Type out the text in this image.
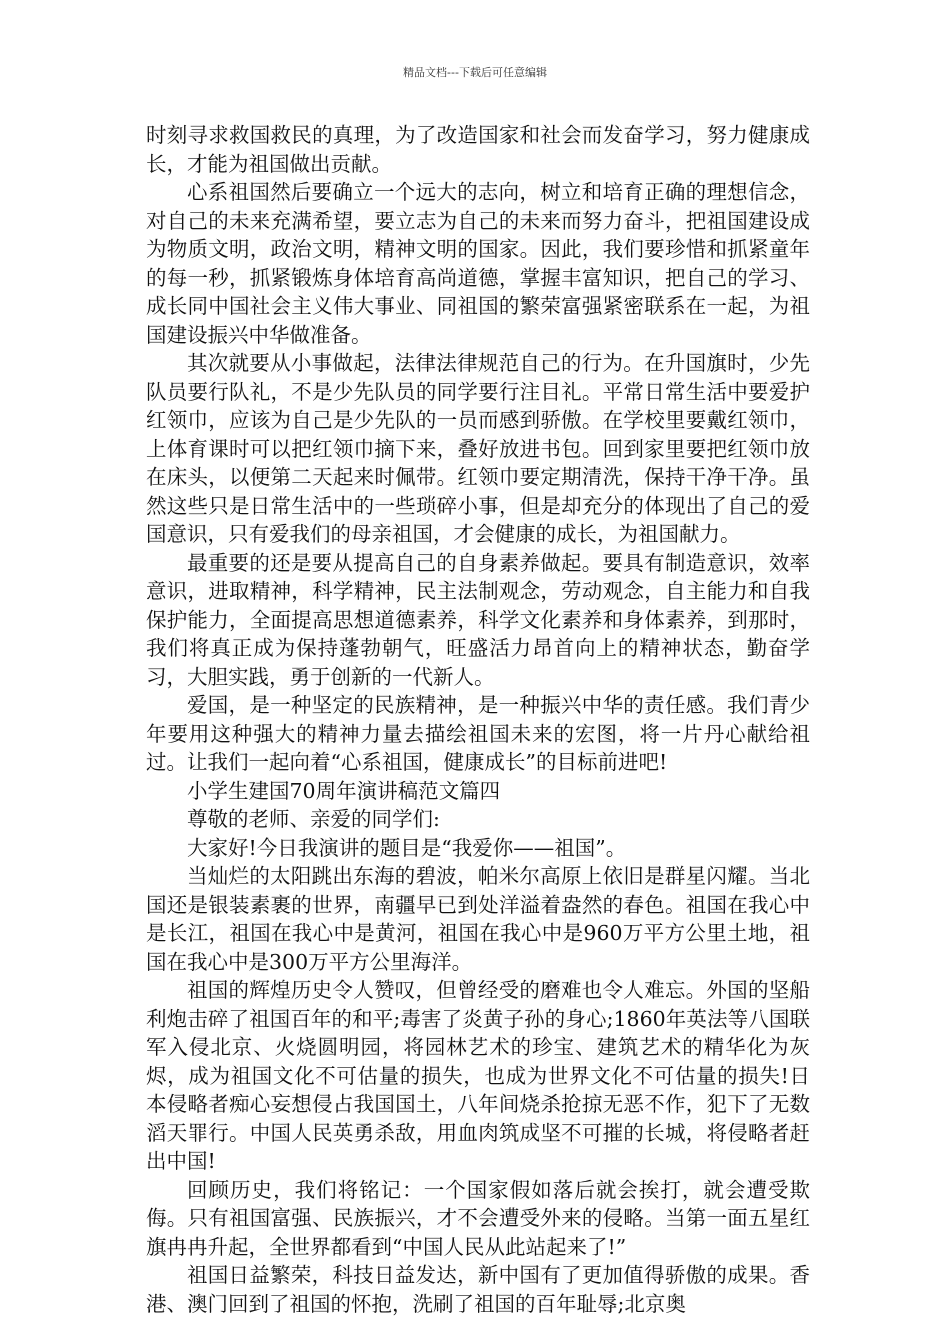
精品文档---下载后可任意编辑

时刻寻求救国救民的真理，为了改造国家和社会而发奋学习，努力健康成长，才能为祖国做出贡献。

心系祖国然后要确立一个远大的志向，树立和培育正确的理想信念，对自己的未来充满希望，要立志为自己的未来而努力奋斗，把祖国建设成为物质文明，政治文明，精神文明的国家。因此，我们要珍惜和抓紧童年的每一秒，抓紧锻炼身体培育高尚道德，掌握丰富知识，把自己的学习、成长同中国社会主义伟大事业、同祖国的繁荣富强紧密联系在一起，为祖国建设振兴中华做准备。

其次就要从小事做起，法律法律规范自己的行为。在升国旗时，少先队员要行队礼，不是少先队员的同学要行注目礼。平常日常生活中要爱护红领巾，应该为自己是少先队的一员而感到骄傲。在学校里要戴红领巾，上体育课时可以把红领巾摘下来，叠好放进书包。回到家里要把红领巾放在床头，以便第二天起来时佩带。红领巾要定期清洗，保持干净干净。虽然这些只是日常生活中的一些琐碎小事，但是却充分的体现出了自己的爱国意识，只有爱我们的母亲祖国，才会健康的成长，为祖国献力。

最重要的还是要从提高自己的自身素养做起。要具有制造意识，效率意识，进取精神，科学精神，民主法制观念，劳动观念，自主能力和自我保护能力，全面提高思想道德素养，科学文化素养和身体素养，到那时，我们将真正成为保持蓬勃朝气，旺盛活力昂首向上的精神状态，勤奋学习，大胆实践，勇于创新的一代新人。

爱国，是一种坚定的民族精神，是一种振兴中华的责任感。我们青少年要用这种强大的精神力量去描绘祖国未来的宏图，将一片丹心献给祖过。让我们一起向着“心系祖国，健康成长”的目标前进吧!

小学生建国70周年演讲稿范文篇四

尊敬的老师、亲爱的同学们:

大家好!今日我演讲的题目是“我爱你——祖国”。

当灿烂的太阳跳出东海的碧波，帕米尔高原上依旧是群星闪耀。当北国还是银装素裹的世界，南疆早已到处洋溢着盎然的春色。祖国在我心中是长江，祖国在我心中是黄河，祖国在我心中是960万平方公里土地，祖国在我心中是300万平方公里海洋。

祖国的辉煌历史令人赞叹，但曾经受的磨难也令人难忘。外国的坚船利炮击碎了祖国百年的和平;毒害了炎黄子孙的身心;1860年英法等八国联军入侵北京、火烧圆明园，将园林艺术的珍宝、建筑艺术的精华化为灰烬，成为祖国文化不可估量的损失，也成为世界文化不可估量的损失!日本侵略者痴心妄想侵占我国国土，八年间烧杀抢掠无恶不作，犯下了无数滔天罪行。中国人民英勇杀敌，用血肉筑成坚不可摧的长城，将侵略者赶出中国!

回顾历史，我们将铭记：一个国家假如落后就会挨打，就会遭受欺侮。只有祖国富强、民族振兴，才不会遭受外来的侵略。当第一面五星红旗冉冉升起，全世界都看到“中国人民从此站起来了!”

祖国日益繁荣，科技日益发达，新中国有了更加值得骄傲的成果。香港、澳门回到了祖国的怀抱，洗刷了祖国的百年耻辱;北京奥
